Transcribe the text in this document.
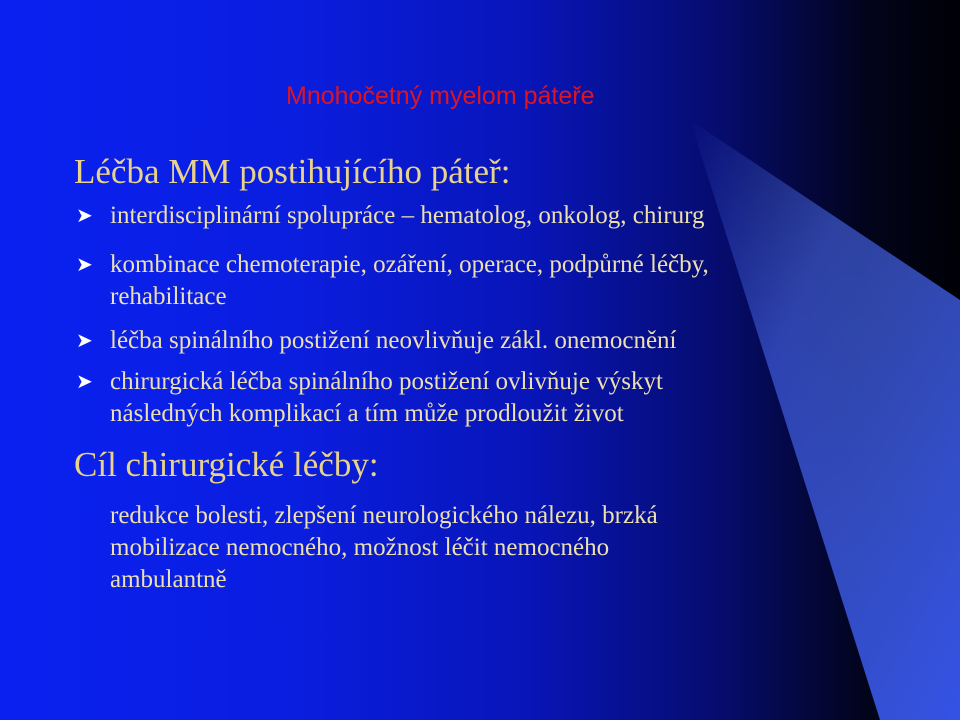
Mnohočetný myelom páteře
Léčba MM postihujícího páteř:
➤ interdisciplinární spolupráce – hematolog, onkolog, chirurg
➤ kombinace chemoterapie, ozáření, operace, podpůrné léčby,
rehabilitace
➤ léčba spinálního postižení neovlivňuje zákl. onemocnění
➤ chirurgická léčba spinálního postižení ovlivňuje výskyt
následných komplikací a tím může prodloužit život
Cíl chirurgické léčby:
redukce bolesti, zlepšení neurologického nálezu, brzká
mobilizace nemocného, možnost léčit nemocného
ambulantně
